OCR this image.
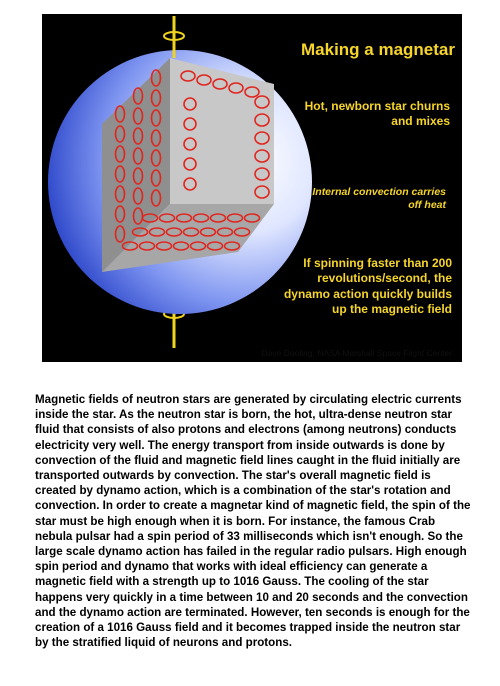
Making a magnetar
Hot, newborn star churns and mixes
Internal convection carries off heat
If spinning faster than 200 revolutions/second, the dynamo action quickly builds up the magnetic field
Dave Dooling, NASA Marshall Space Flight Center

Magnetic fields of neutron stars are generated by circulating electric currents inside the star. As the neutron star is born, the hot, ultra-dense neutron star fluid that consists of also protons and electrons (among neutrons) conducts electricity very well. The energy transport from inside outwards is done by convection of the fluid and magnetic field lines caught in the fluid initially are transported outwards by convection. The star's overall magnetic field is created by dynamo action, which is a combination of the star's rotation and convection. In order to create a magnetar kind of magnetic field, the spin of the star must be high enough when it is born. For instance, the famous Crab nebula pulsar had a spin period of 33 milliseconds which isn't enough. So the large scale dynamo action has failed in the regular radio pulsars. High enough spin period and dynamo that works with ideal efficiency can generate a magnetic field with a strength up to 1016 Gauss. The cooling of the star happens very quickly in a time between 10 and 20 seconds and the convection and the dynamo action are terminated. However, ten seconds is enough for the creation of a 1016 Gauss field and it becomes trapped inside the neutron star by the stratified liquid of neurons and protons.
